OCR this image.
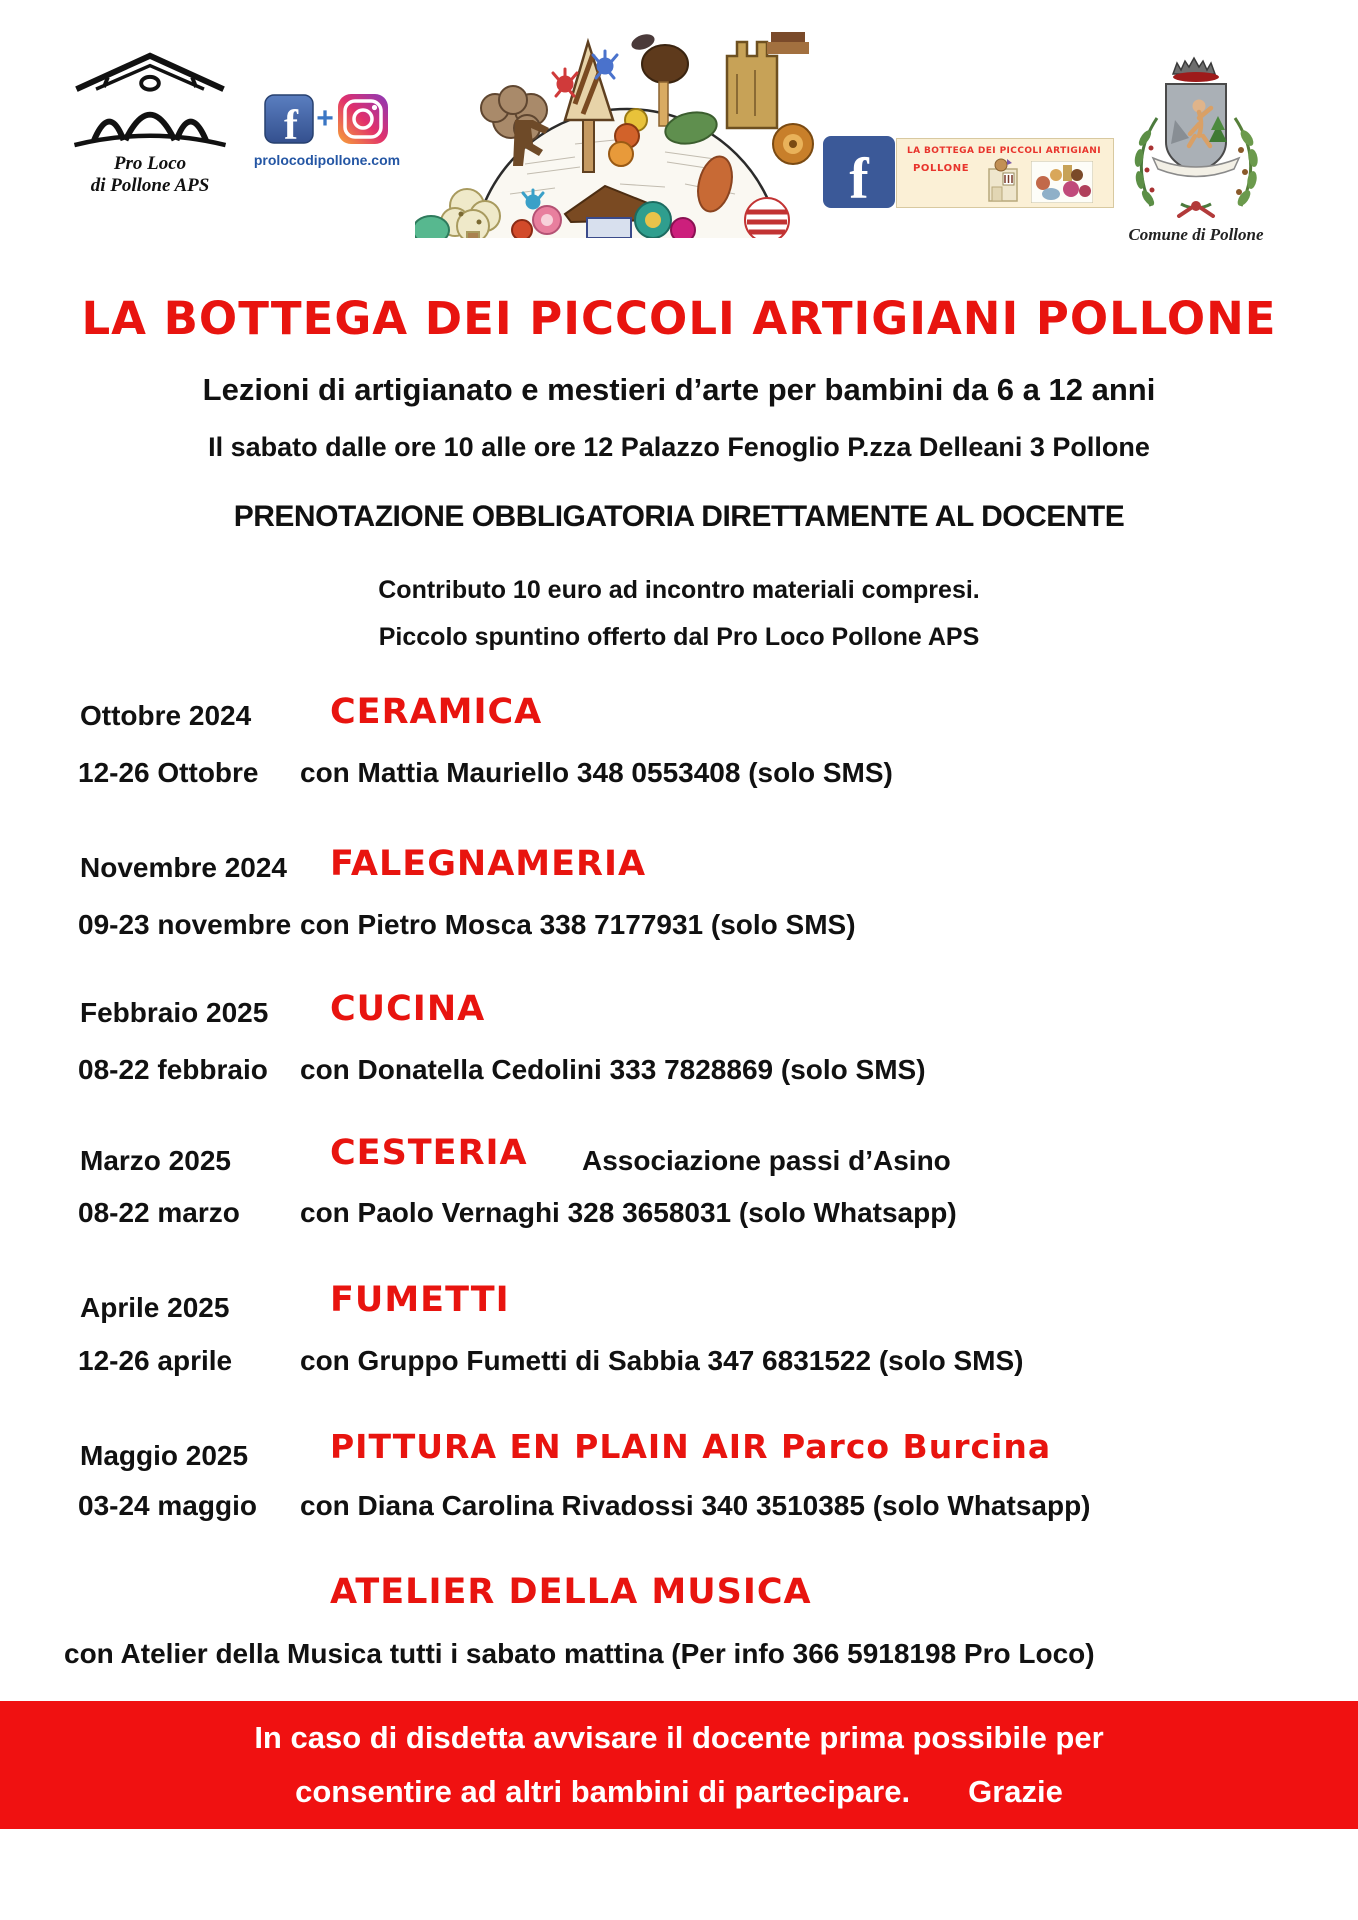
Pro Loco
di Pollone APS
f +
prolocodipollone.com	f	LA BOTTEGA DEI PICCOLI ARTIGIANI
POLLONE
Comune di Pollone
LA BOTTEGA DEI PICCOLI ARTIGIANI POLLONE
Lezioni di artigianato e mestieri d’arte per bambini da 6 a 12 anni
Il sabato dalle ore 10 alle ore 12 Palazzo Fenoglio P.zza Delleani 3 Pollone
PRENOTAZIONE OBBLIGATORIA DIRETTAMENTE AL DOCENTE
Contributo 10 euro ad incontro materiali compresi.
Piccolo spuntino offerto dal Pro Loco Pollone APS
Ottobre 2024 CERAMICA
12-26 Ottobre con Mattia Mauriello 348 0553408 (solo SMS)
Novembre 2024 FALEGNAMERIA
09-23 novembre con Pietro Mosca 338 7177931 (solo SMS)
Febbraio 2025 CUCINA
08-22 febbraio con Donatella Cedolini 333 7828869 (solo SMS)
Marzo 2025	CESTERIA Associazione passi d’Asino
08-22 marzo con Paolo Vernaghi 328 3658031 (solo Whatsapp)
Aprile 2025	FUMETTI
12-26 aprile con Gruppo Fumetti di Sabbia 347 6831522 (solo SMS)
Maggio 2025 PITTURA EN PLAIN AIR Parco Burcina
03-24 maggio con Diana Carolina Rivadossi 340 3510385 (solo Whatsapp)
ATELIER DELLA MUSICA
con Atelier della Musica tutti i sabato mattina (Per info 366 5918198 Pro Loco)
In caso di disdetta avvisare il docente prima possibile per
consentire ad altri bambini di partecipare. Grazie
